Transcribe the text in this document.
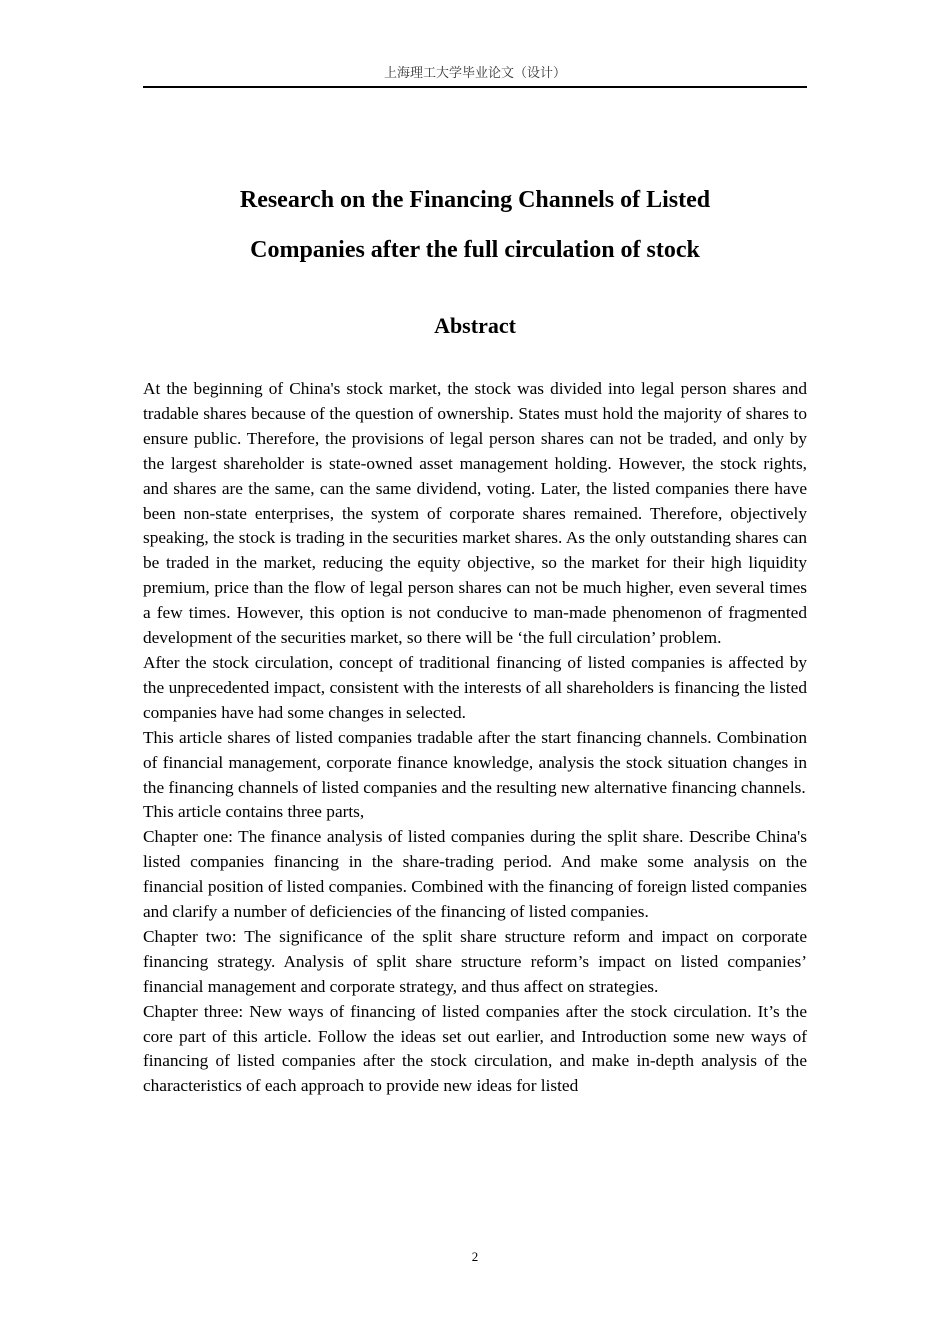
上海理工大学毕业论文（设计）
Research on the Financing Channels of Listed
Companies after the full circulation of stock
Abstract

At the beginning of China's stock market, the stock was divided into legal person shares and tradable shares because of the question of ownership. States must hold the majority of shares to ensure public. Therefore, the provisions of legal person shares can not be traded, and only by the largest shareholder is state-owned asset management holding. However, the stock rights, and shares are the same, can the same dividend, voting. Later, the listed companies there have been non-state enterprises, the system of corporate shares remained. Therefore, objectively speaking, the stock is trading in the securities market shares. As the only outstanding shares can be traded in the market, reducing the equity objective, so the market for their high liquidity premium, price than the flow of legal person shares can not be much higher, even several times a few times. However, this option is not conducive to man-made phenomenon of fragmented development of the securities market, so there will be ‘the full circulation’ problem.

After the stock circulation, concept of traditional financing of listed companies is affected by the unprecedented impact, consistent with the interests of all shareholders is financing the listed companies have had some changes in selected.

This article shares of listed companies tradable after the start financing channels. Combination of financial management, corporate finance knowledge, analysis the stock situation changes in the financing channels of listed companies and the resulting new alternative financing channels.

This article contains three parts,

Chapter one: The finance analysis of listed companies during the split share. Describe China's listed companies financing in the share-trading period. And make some analysis on the financial position of listed companies. Combined with the financing of foreign listed companies and clarify a number of deficiencies of the financing of listed companies.

Chapter two: The significance of the split share structure reform and impact on corporate financing strategy. Analysis of split share structure reform’s impact on listed companies’ financial management and corporate strategy, and thus affect on strategies.

Chapter three: New ways of financing of listed companies after the stock circulation. It’s the core part of this article. Follow the ideas set out earlier, and Introduction some new ways of financing of listed companies after the stock circulation, and make in-depth analysis of the characteristics of each approach to provide new ideas for listed

2
